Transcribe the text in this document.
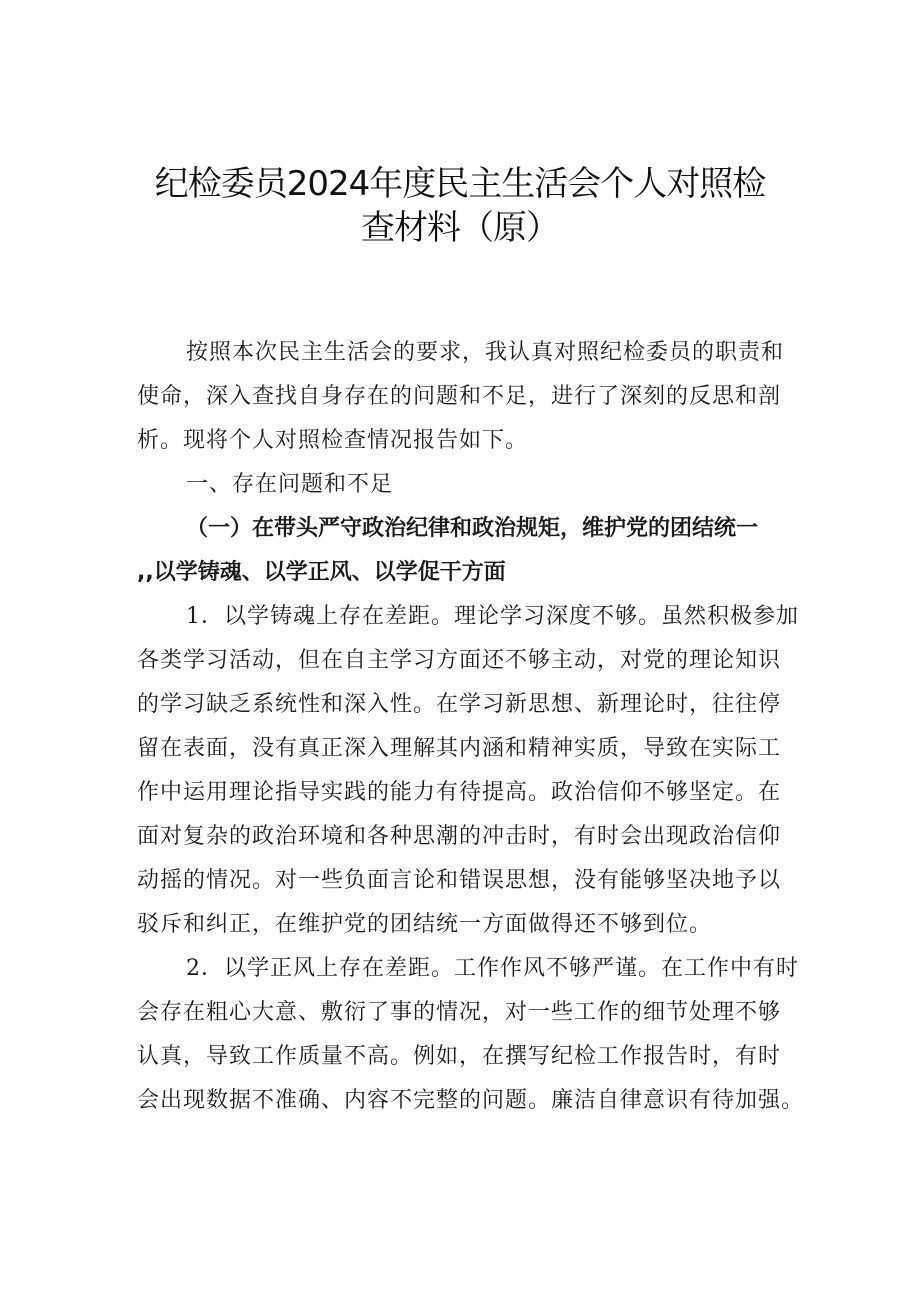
纪检委员2024年度民主生活会个人对照检
查材料（原）
按照本次民主生活会的要求，我认真对照纪检委员的职责和
使命，深入查找自身存在的问题和不足，进行了深刻的反思和剖
析。现将个人对照检查情况报告如下。
一、存在问题和不足
（一）在带头严守政治纪律和政治规矩，维护党的团结统一
,,以学铸魂、以学正风、以学促干方面
1．以学铸魂上存在差距。理论学习深度不够。虽然积极参加
各类学习活动，但在自主学习方面还不够主动，对党的理论知识
的学习缺乏系统性和深入性。在学习新思想、新理论时，往往停
留在表面，没有真正深入理解其内涵和精神实质，导致在实际工
作中运用理论指导实践的能力有待提高。政治信仰不够坚定。在
面对复杂的政治环境和各种思潮的冲击时，有时会出现政治信仰
动摇的情况。对一些负面言论和错误思想，没有能够坚决地予以
驳斥和纠正，在维护党的团结统一方面做得还不够到位。
2．以学正风上存在差距。工作作风不够严谨。在工作中有时
会存在粗心大意、敷衍了事的情况，对一些工作的细节处理不够
认真，导致工作质量不高。例如，在撰写纪检工作报告时，有时
会出现数据不准确、内容不完整的问题。廉洁自律意识有待加强。
